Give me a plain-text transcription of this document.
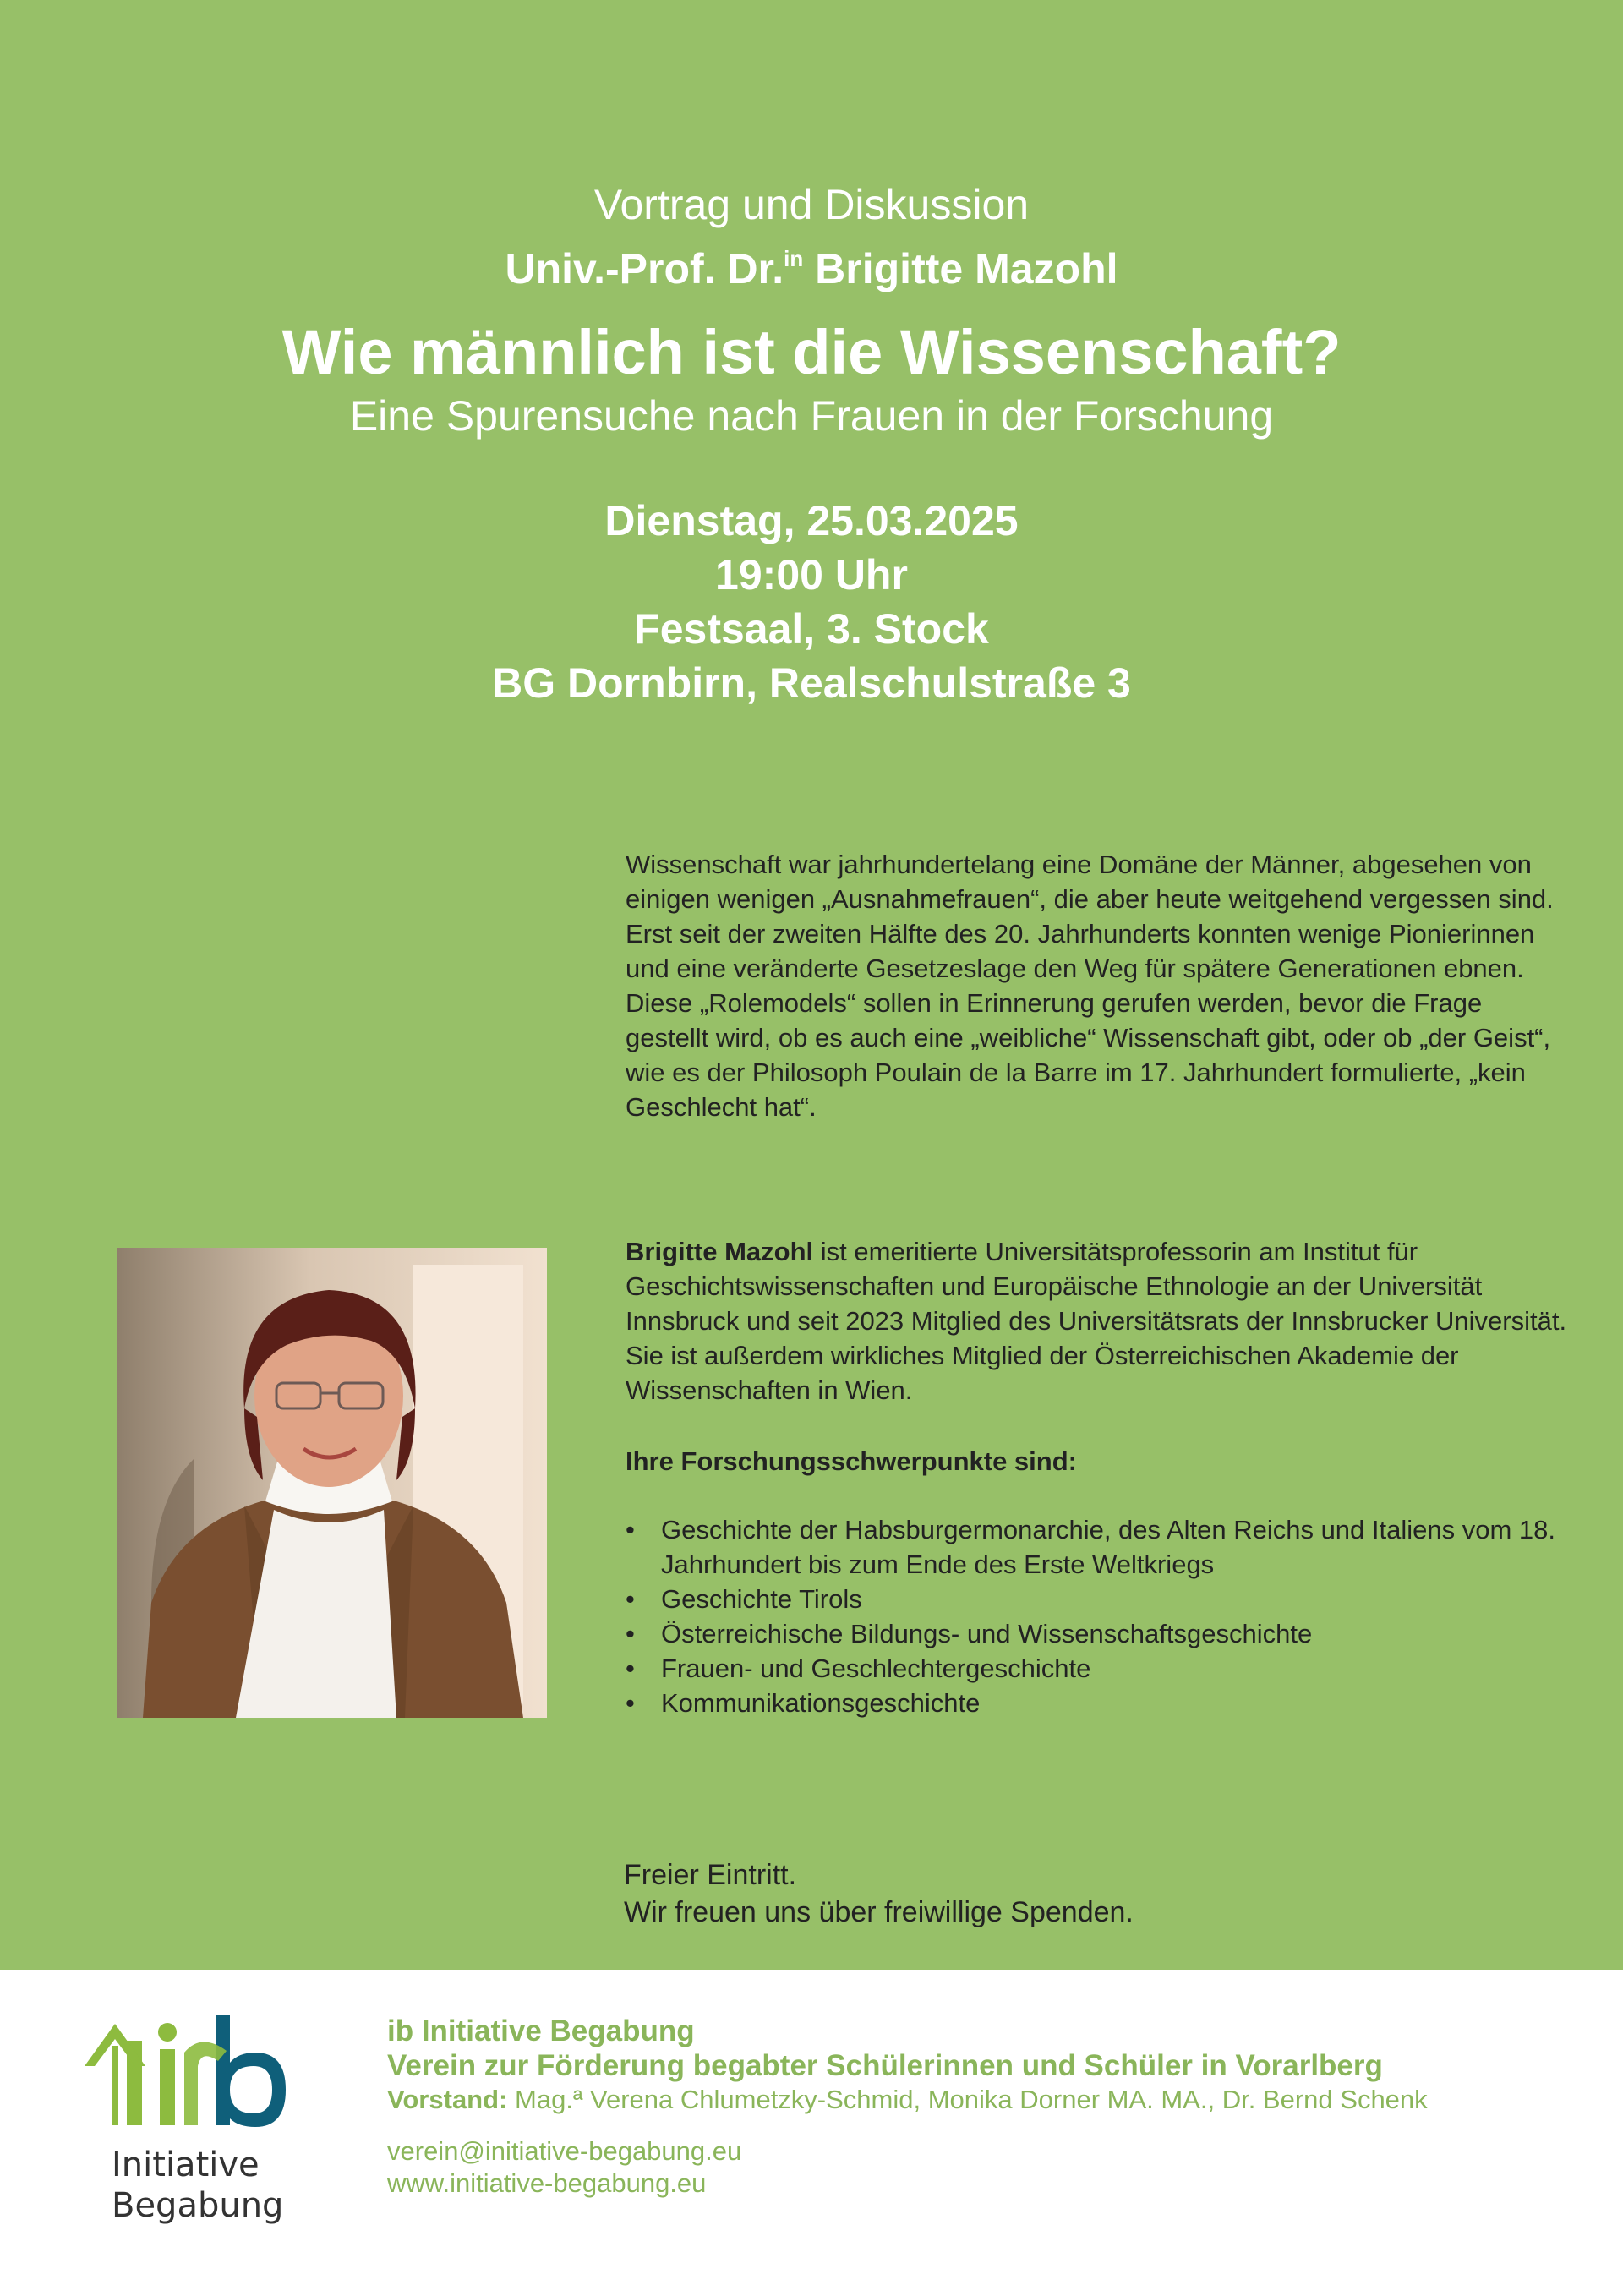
Vortrag und Diskussion
Univ.-Prof. Dr.$^{in}$ Brigitte Mazohl
Wie männlich ist die Wissenschaft?
Eine Spurensuche nach Frauen in der Forschung
Dienstag, 25.03.2025
19:00 Uhr
Festsaal, 3. Stock
BG Dornbirn, Realschulstraße 3
Wissenschaft war jahrhundertelang eine Domäne der Männer, abgesehen von einigen wenigen „Ausnahmefrauen“, die aber heute weitgehend vergessen sind. Erst seit der zweiten Hälfte des 20. Jahrhunderts konnten wenige Pionierinnen und eine veränderte Gesetzeslage den Weg für spätere Generationen ebnen. Diese „Rolemodels“ sollen in Erinnerung gerufen werden, bevor die Frage gestellt wird, ob es auch eine „weibliche“ Wissenschaft gibt, oder ob „der Geist“, wie es der Philosoph Poulain de la Barre im 17. Jahrhundert formulierte, „kein Geschlecht hat“.
Brigitte Mazohl ist emeritierte Universitätsprofessorin am Institut für Geschichtswissenschaften und Europäische Ethnologie an der Universität Innsbruck und seit 2023 Mitglied des Universitätsrats der Innsbrucker Universität. Sie ist außerdem wirkliches Mitglied der Österreichischen Akademie der Wissenschaften in Wien.
Ihre Forschungsschwerpunkte sind:
• Geschichte der Habsburgermonarchie, des Alten Reichs und Italiens vom 18. Jahrhundert bis zum Ende des Erste Weltkriegs
• Geschichte Tirols
• Österreichische Bildungs- und Wissenschaftsgeschichte
• Frauen- und Geschlechtergeschichte
• Kommunikationsgeschichte
Freier Eintritt.
Wir freuen uns über freiwillige Spenden.
Initiative
Begabung
ib Initiative Begabung
Verein zur Förderung begabter Schülerinnen und Schüler in Vorarlberg
Vorstand: Mag.ª Verena Chlumetzky-Schmid, Monika Dorner MA. MA., Dr. Bernd Schenk
verein@initiative-begabung.eu
www.initiative-begabung.eu
